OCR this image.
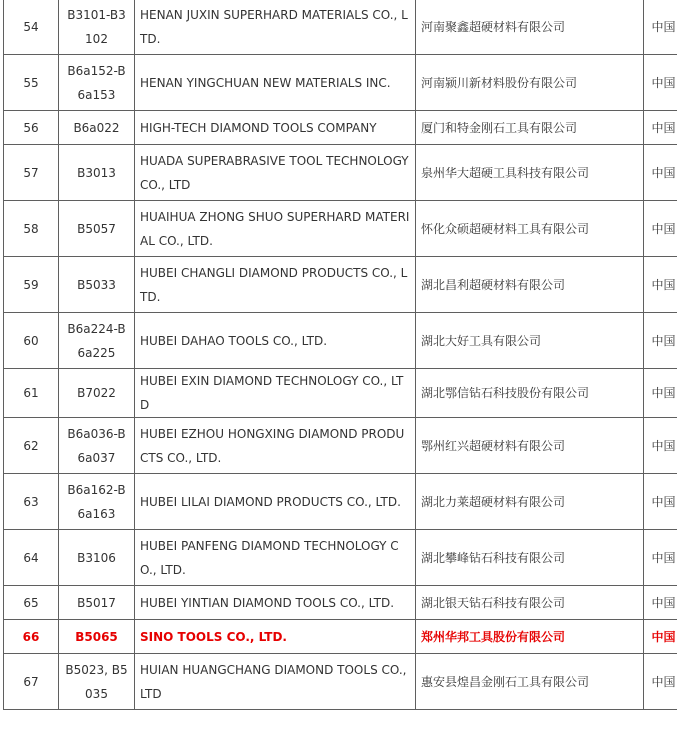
54	B3101-B3102	HENAN JUXIN SUPERHARD MATERIALS CO., LTD.	河南聚鑫超硬材料有限公司	中国
55	B6a152-B6a153	HENAN YINGCHUAN NEW MATERIALS INC.	河南颍川新材料股份有限公司	中国
56	B6a022	HIGH-TECH DIAMOND TOOLS COMPANY	厦门和特金刚石工具有限公司	中国
57	B3013	HUADA SUPERABRASIVE TOOL TECHNOLOGY CO., LTD	泉州华大超硬工具科技有限公司	中国
58	B5057	HUAIHUA ZHONG SHUO SUPERHARD MATERIAL CO., LTD.	怀化众硕超硬材料工具有限公司	中国
59	B5033	HUBEI CHANGLI DIAMOND PRODUCTS CO., LTD.	湖北昌利超硬材料有限公司	中国
60	B6a224-B6a225	HUBEI DAHAO TOOLS CO., LTD.	湖北大好工具有限公司	中国
61	B7022	HUBEI EXIN DIAMOND TECHNOLOGY CO., LTD	湖北鄂信钻石科技股份有限公司	中国
62	B6a036-B6a037	HUBEI EZHOU HONGXING DIAMOND PRODUCTS CO., LTD.	鄂州红兴超硬材料有限公司	中国
63	B6a162-B6a163	HUBEI LILAI DIAMOND PRODUCTS CO., LTD.	湖北力莱超硬材料有限公司	中国
64	B3106	HUBEI PANFENG DIAMOND TECHNOLOGY CO., LTD.	湖北攀峰钻石科技有限公司	中国
65	B5017	HUBEI YINTIAN DIAMOND TOOLS CO., LTD.	湖北银天钻石科技有限公司	中国
66	B5065	SINO TOOLS CO., LTD.	郑州华邦工具股份有限公司	中国
67	B5023, B5035	HUIAN HUANGCHANG DIAMOND TOOLS CO., LTD	惠安县煌昌金刚石工具有限公司	中国
